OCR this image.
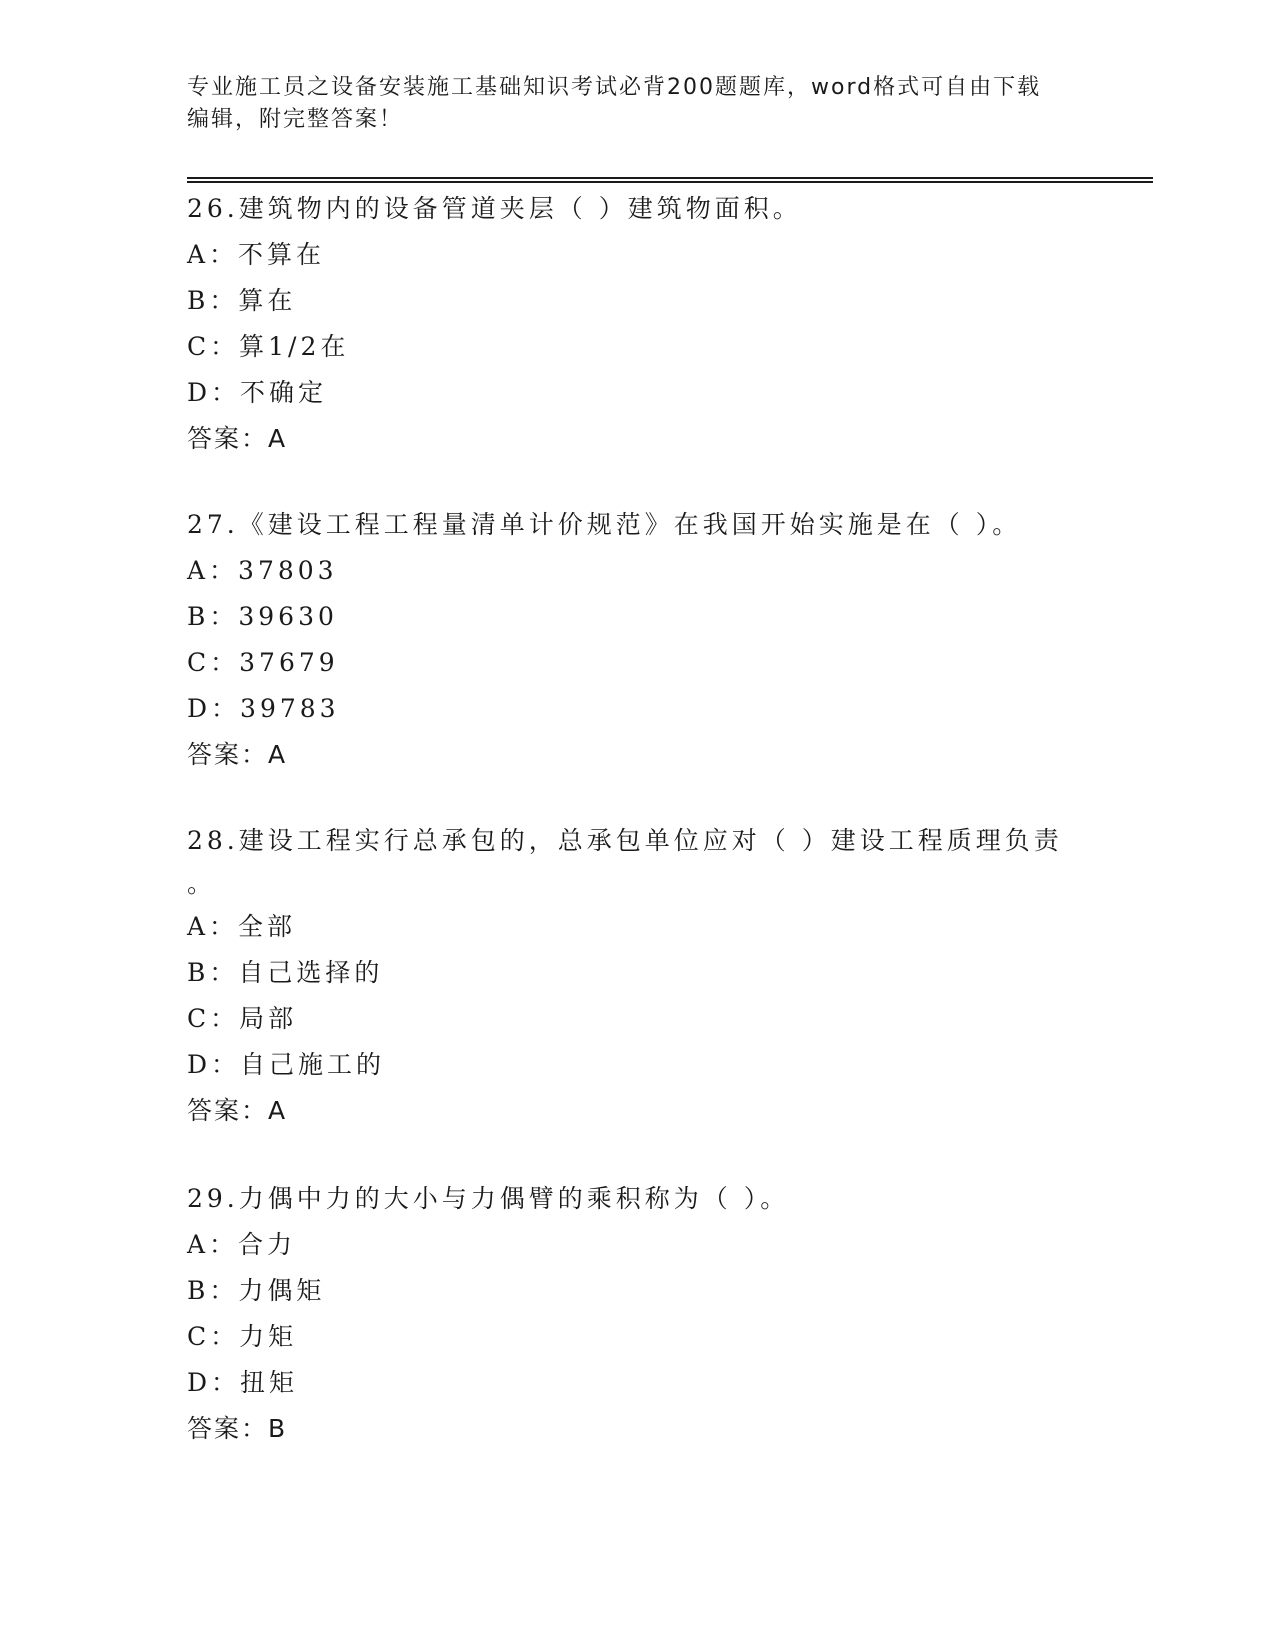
专业施工员之设备安装施工基础知识考试必背200题题库，word格式可自由下载
编辑，附完整答案！
26.建筑物内的设备管道夹层（ ）建筑物面积。
A：不算在
B：算在
C：算1/2在
D：不确定
答案：A
27.《建设工程工程量清单计价规范》在我国开始实施是在（ ）。
A：37803
B：39630
C：37679
D：39783
答案：A
28.建设工程实行总承包的，总承包单位应对（ ）建设工程质理负责
。
A：全部
B：自己选择的
C：局部
D：自己施工的
答案：A
29.力偶中力的大小与力偶臂的乘积称为（ ）。
A：合力
B：力偶矩
C：力矩
D：扭矩
答案：B
